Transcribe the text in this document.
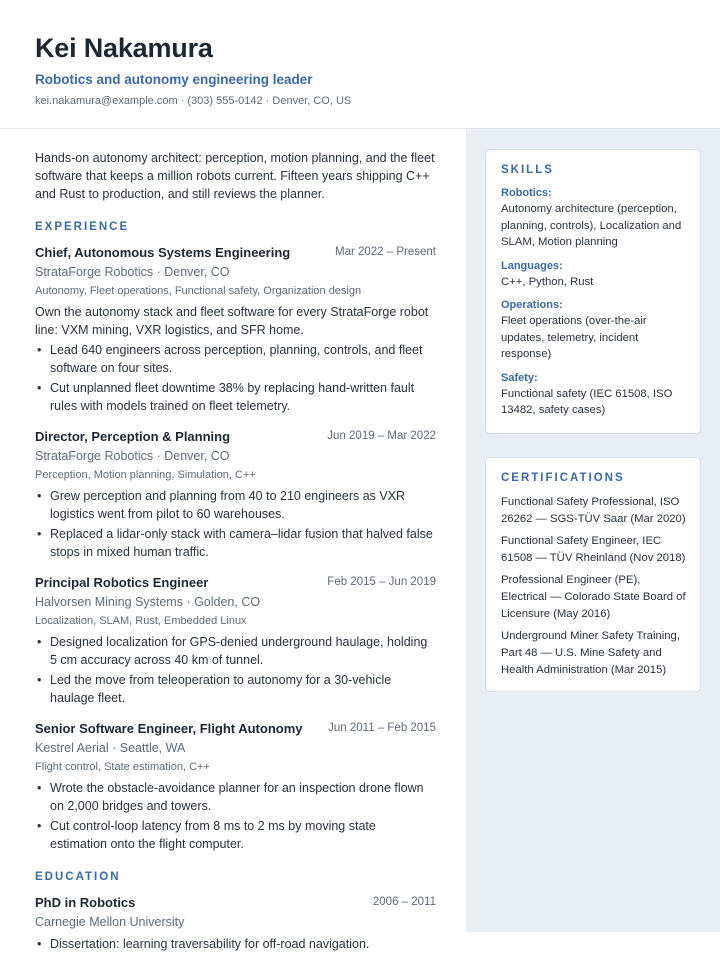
Kei Nakamura
Robotics and autonomy engineering leader
kei.nakamura@example.com · (303) 555-0142 · Denver, CO, US
Hands-on autonomy architect: perception, motion planning, and the fleet software that keeps a million robots current. Fifteen years shipping C++ and Rust to production, and still reviews the planner.
EXPERIENCE
Chief, Autonomous Systems Engineering	Mar 2022 – Present
StrataForge Robotics · Denver, CO
Autonomy, Fleet operations, Functional safety, Organization design
Own the autonomy stack and fleet software for every StrataForge robot line: VXM mining, VXR logistics, and SFR home.
• Lead 640 engineers across perception, planning, controls, and fleet software on four sites.
• Cut unplanned fleet downtime 38% by replacing hand-written fault rules with models trained on fleet telemetry.
Director, Perception & Planning	Jun 2019 – Mar 2022
StrataForge Robotics · Denver, CO
Perception, Motion planning, Simulation, C++
• Grew perception and planning from 40 to 210 engineers as VXR logistics went from pilot to 60 warehouses.
• Replaced a lidar-only stack with camera–lidar fusion that halved false stops in mixed human traffic.
Principal Robotics Engineer	Feb 2015 – Jun 2019
Halvorsen Mining Systems · Golden, CO
Localization, SLAM, Rust, Embedded Linux
• Designed localization for GPS-denied underground haulage, holding 5 cm accuracy across 40 km of tunnel.
• Led the move from teleoperation to autonomy for a 30-vehicle haulage fleet.
Senior Software Engineer, Flight Autonomy Jun 2011 – Feb 2015
Kestrel Aerial · Seattle, WA
Flight control, State estimation, C++
• Wrote the obstacle-avoidance planner for an inspection drone flown on 2,000 bridges and towers.
• Cut control-loop latency from 8 ms to 2 ms by moving state estimation onto the flight computer.
EDUCATION
PhD in Robotics	2006 – 2011
Carnegie Mellon University
• Dissertation: learning traversability for off-road navigation.
SKILLS
Robotics:
Autonomy architecture (perception, planning, controls), Localization and SLAM, Motion planning
Languages:
C++, Python, Rust
Operations:
Fleet operations (over-the-air updates, telemetry, incident response)
Safety:
Functional safety (IEC 61508, ISO 13482, safety cases)
CERTIFICATIONS
Functional Safety Professional, ISO 26262 — SGS-TÜV Saar (Mar 2020)
Functional Safety Engineer, IEC 61508 — TÜV Rheinland (Nov 2018)
Professional Engineer (PE), Electrical — Colorado State Board of Licensure (May 2016)
Underground Miner Safety Training, Part 48 — U.S. Mine Safety and Health Administration (Mar 2015)
